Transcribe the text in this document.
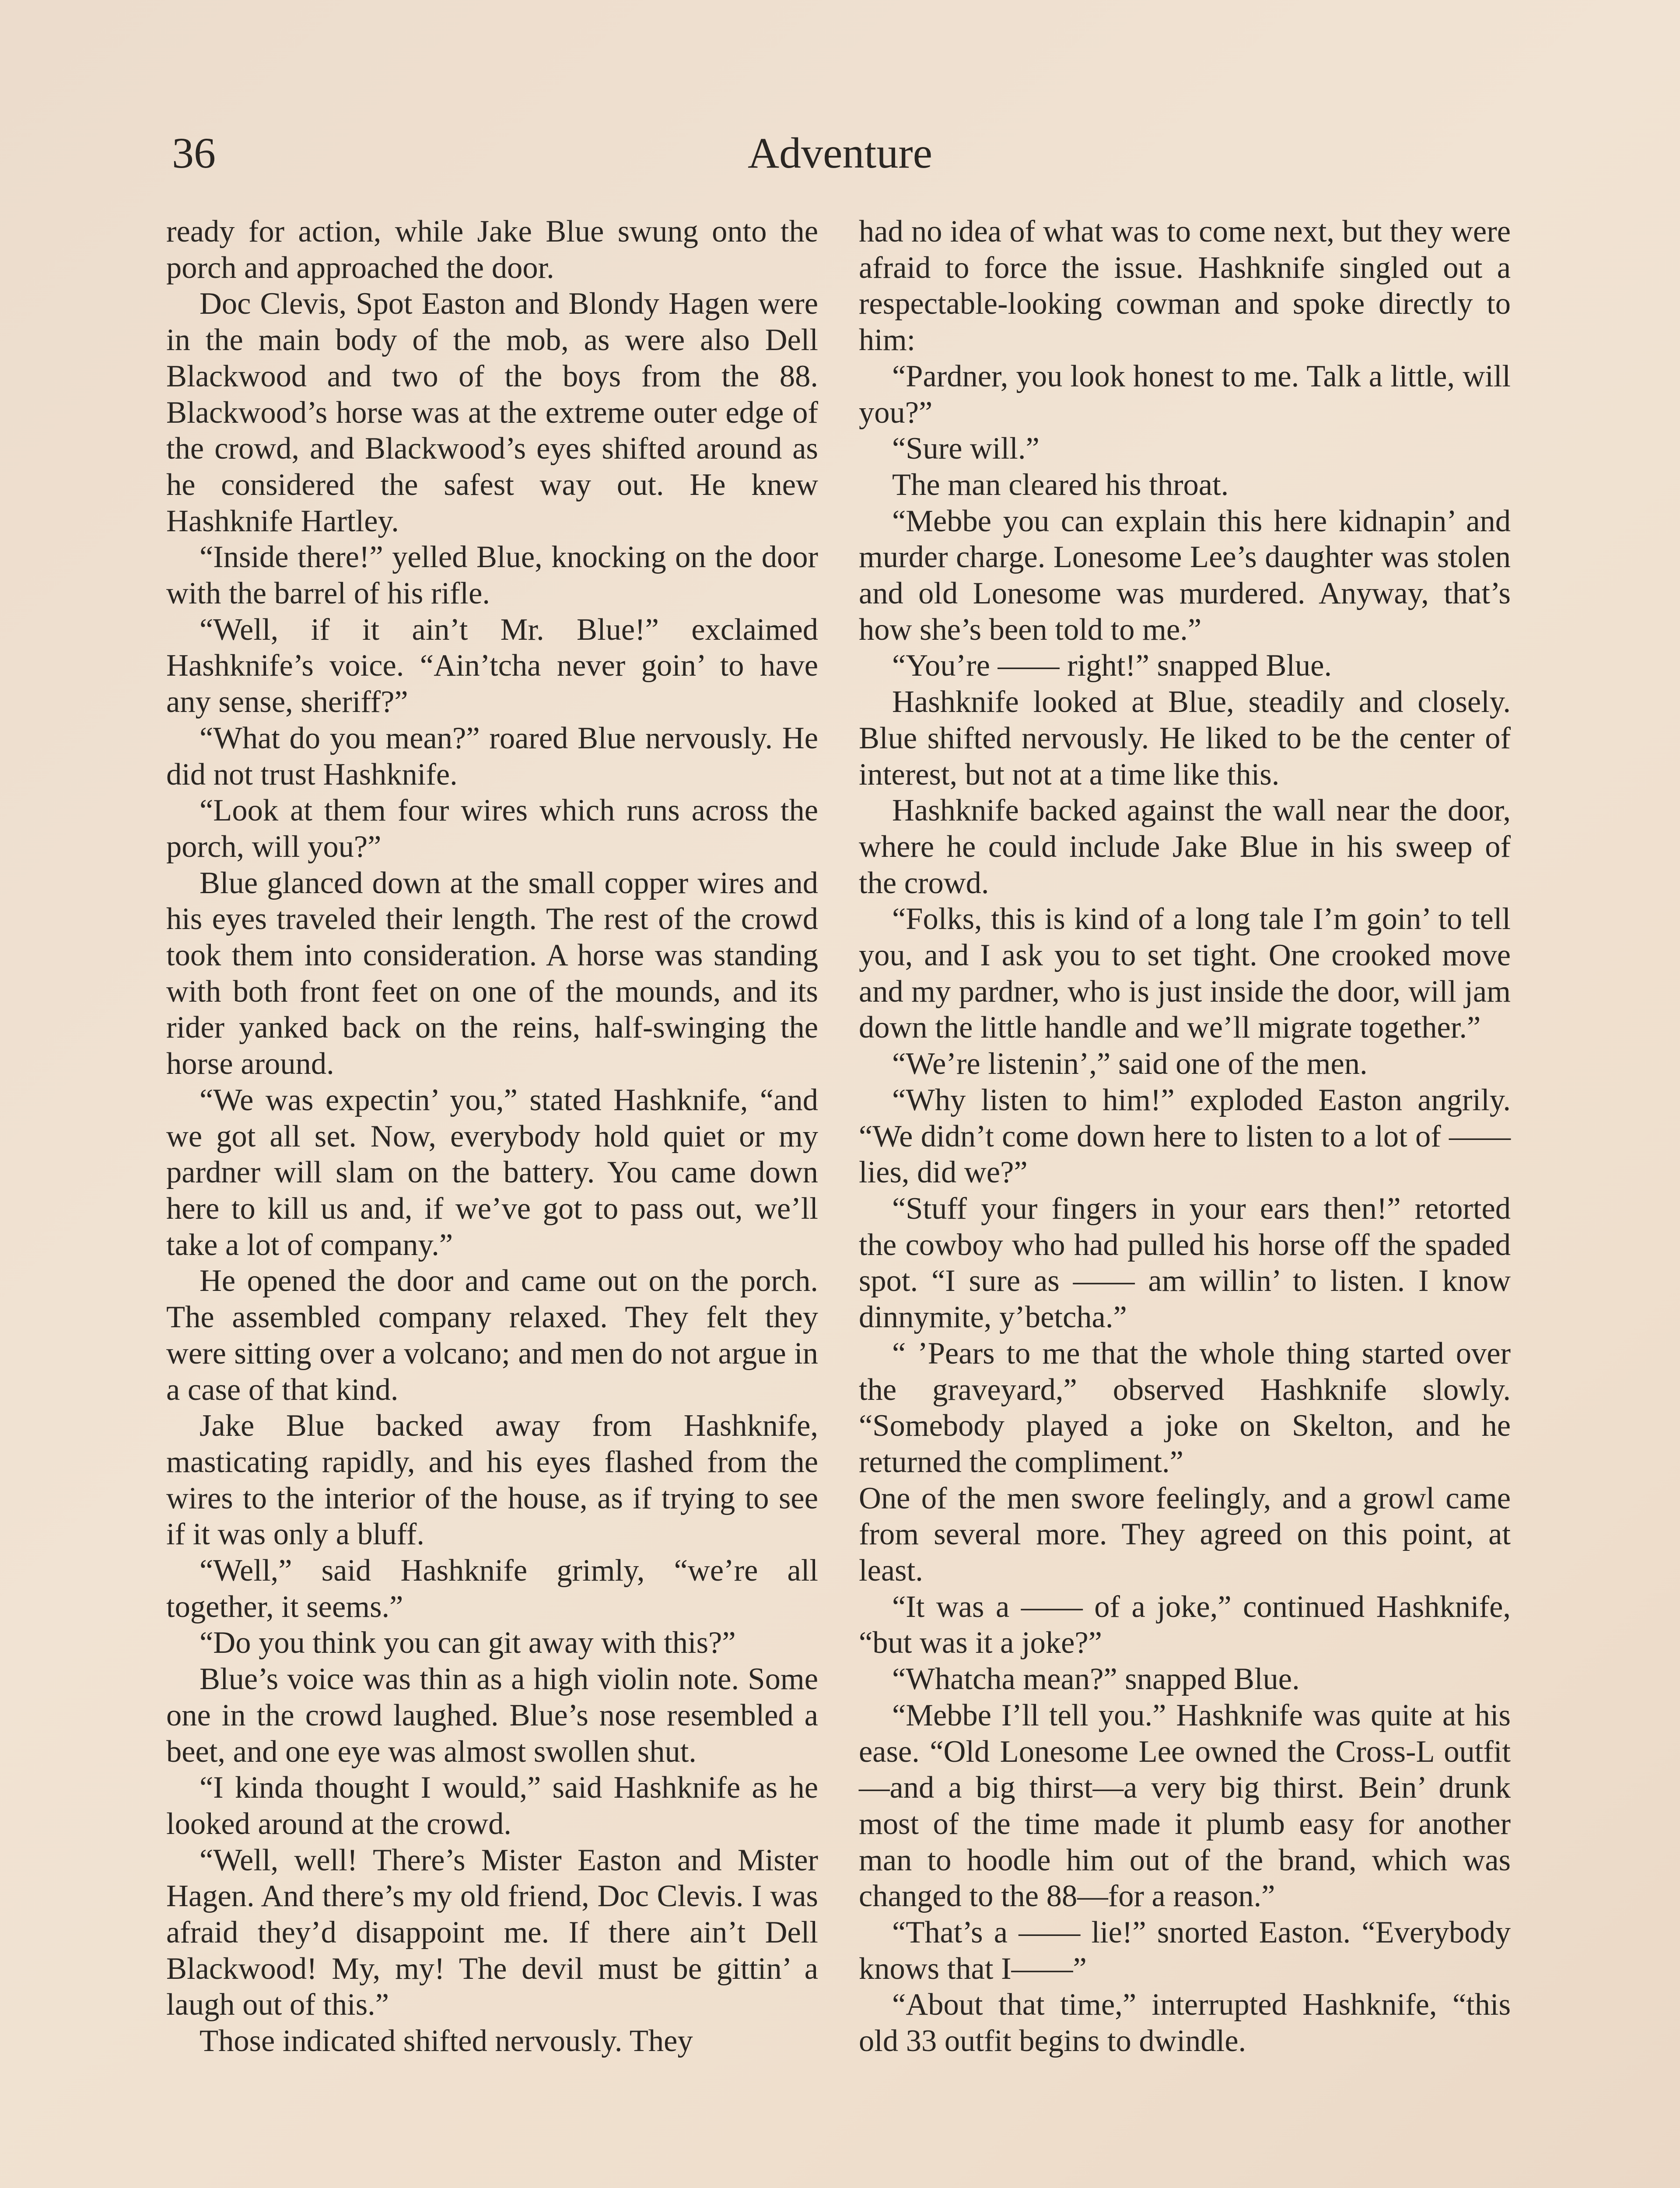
36	Adventure

ready for action, while Jake Blue swung onto the porch and approached the door.

Doc Clevis, Spot Easton and Blondy Hagen were in the main body of the mob, as were also Dell Blackwood and two of the boys from the 88. Blackwood’s horse was at the extreme outer edge of the crowd, and Blackwood’s eyes shifted around as he considered the safest way out. He knew Hashknife Hartley.

“Inside there!” yelled Blue, knocking on the door with the barrel of his rifle.

“Well, if it ain’t Mr. Blue!” exclaimed Hashknife’s voice. “Ain’tcha never goin’ to have any sense, sheriff?”

“What do you mean?” roared Blue nervously. He did not trust Hashknife.

“Look at them four wires which runs across the porch, will you?”

Blue glanced down at the small copper wires and his eyes traveled their length. The rest of the crowd took them into consideration. A horse was standing with both front feet on one of the mounds, and its rider yanked back on the reins, half-swinging the horse around.

“We was expectin’ you,” stated Hashknife, “and we got all set. Now, everybody hold quiet or my pardner will slam on the battery. You came down here to kill us and, if we’ve got to pass out, we’ll take a lot of company.”

He opened the door and came out on the porch. The assembled company relaxed. They felt they were sitting over a volcano; and men do not argue in a case of that kind.

Jake Blue backed away from Hashknife, masticating rapidly, and his eyes flashed from the wires to the interior of the house, as if trying to see if it was only a bluff.

“Well,” said Hashknife grimly, “we’re all together, it seems.”

“Do you think you can git away with this?”

Blue’s voice was thin as a high violin note. Some one in the crowd laughed. Blue’s nose resembled a beet, and one eye was almost swollen shut.

“I kinda thought I would,” said Hashknife as he looked around at the crowd.

“Well, well! There’s Mister Easton and Mister Hagen. And there’s my old friend, Doc Clevis. I was afraid they’d disappoint me. If there ain’t Dell Blackwood! My, my! The devil must be gittin’ a laugh out of this.”

Those indicated shifted nervously. They

had no idea of what was to come next, but they were afraid to force the issue. Hashknife singled out a respectable-looking cowman and spoke directly to him:

“Pardner, you look honest to me. Talk a little, will you?”

“Sure will.”

The man cleared his throat.

“Mebbe you can explain this here kidnapin’ and murder charge. Lonesome Lee’s daughter was stolen and old Lonesome was murdered. Anyway, that’s how she’s been told to me.”

“You’re —— right!” snapped Blue.

Hashknife looked at Blue, steadily and closely. Blue shifted nervously. He liked to be the center of interest, but not at a time like this.

Hashknife backed against the wall near the door, where he could include Jake Blue in his sweep of the crowd.

“Folks, this is kind of a long tale I’m goin’ to tell you, and I ask you to set tight. One crooked move and my pardner, who is just inside the door, will jam down the little handle and we’ll migrate together.”

“We’re listenin’,” said one of the men.

“Why listen to him!” exploded Easton angrily. “We didn’t come down here to listen to a lot of —— lies, did we?”

“Stuff your fingers in your ears then!” retorted the cowboy who had pulled his horse off the spaded spot. “I sure as —— am willin’ to listen. I know dinnymite, y’betcha.”

“ ’Pears to me that the whole thing started over the graveyard,” observed Hashknife slowly. “Somebody played a joke on Skelton, and he returned the compliment.”

One of the men swore feelingly, and a growl came from several more. They agreed on this point, at least.

“It was a —— of a joke,” continued Hashknife, “but was it a joke?”

“Whatcha mean?” snapped Blue.

“Mebbe I’ll tell you.” Hashknife was quite at his ease. “Old Lonesome Lee owned the Cross-L outfit—and a big thirst—a very big thirst. Bein’ drunk most of the time made it plumb easy for another man to hoodle him out of the brand, which was changed to the 88—for a reason.”

“That’s a —— lie!” snorted Easton. “Everybody knows that I——”

“About that time,” interrupted Hashknife, “this old 33 outfit begins to dwindle.
